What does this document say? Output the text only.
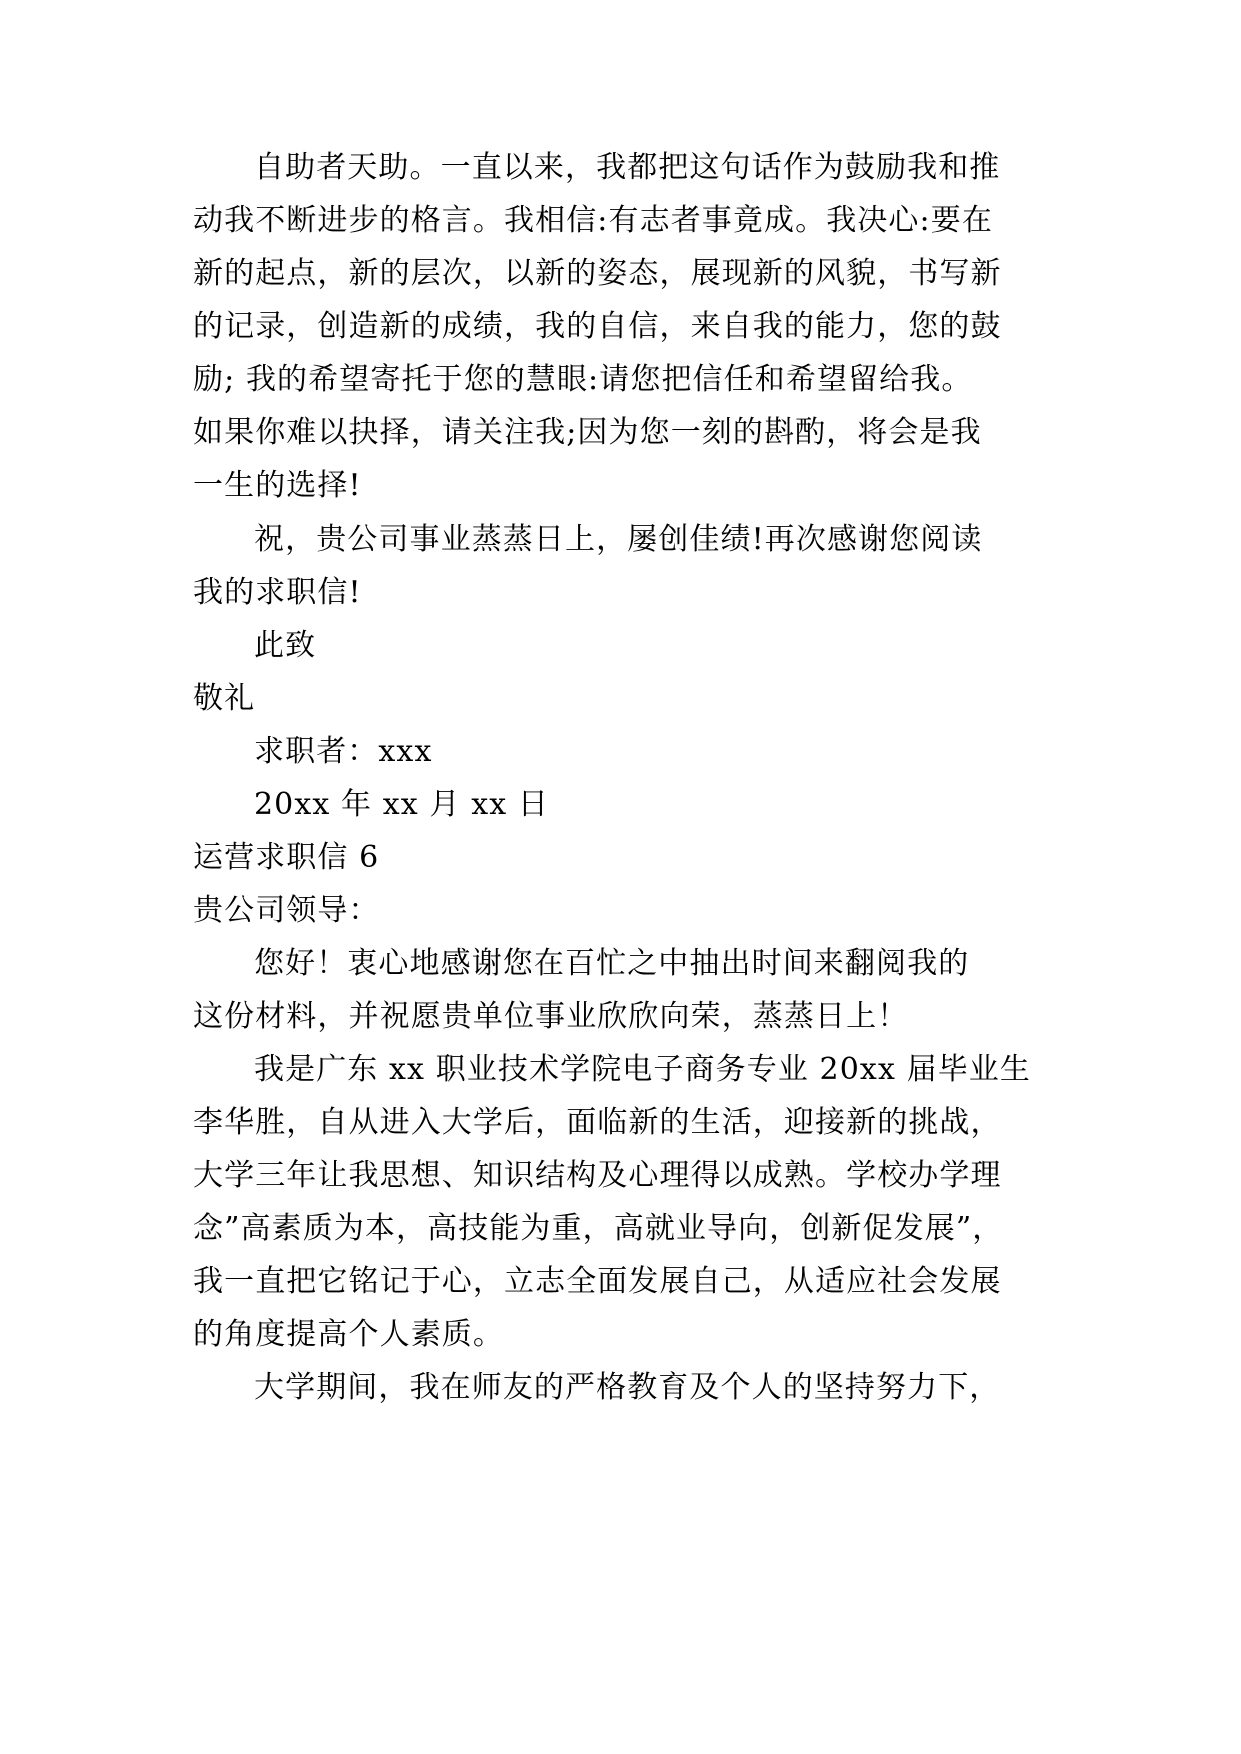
自助者天助。一直以来，我都把这句话作为鼓励我和推
动我不断进步的格言。我相信:有志者事竟成。我决心:要在
新的起点，新的层次，以新的姿态，展现新的风貌，书写新
的记录，创造新的成绩，我的自信，来自我的能力，您的鼓
励; 我的希望寄托于您的慧眼:请您把信任和希望留给我。
如果你难以抉择，请关注我;因为您一刻的斟酌，将会是我
一生的选择!
祝，贵公司事业蒸蒸日上，屡创佳绩!再次感谢您阅读
我的求职信!
此致
敬礼
求职者：xxx
20xx 年 xx 月 xx 日
运营求职信 6
贵公司领导：
您好！衷心地感谢您在百忙之中抽出时间来翻阅我的
这份材料，并祝愿贵单位事业欣欣向荣，蒸蒸日上！
我是广东 xx 职业技术学院电子商务专业 20xx 届毕业生
李华胜，自从进入大学后，面临新的生活，迎接新的挑战，
大学三年让我思想、知识结构及心理得以成熟。学校办学理
念”高素质为本，高技能为重，高就业导向，创新促发展”，
我一直把它铭记于心，立志全面发展自己，从适应社会发展
的角度提高个人素质。
大学期间，我在师友的严格教育及个人的坚持努力下，
